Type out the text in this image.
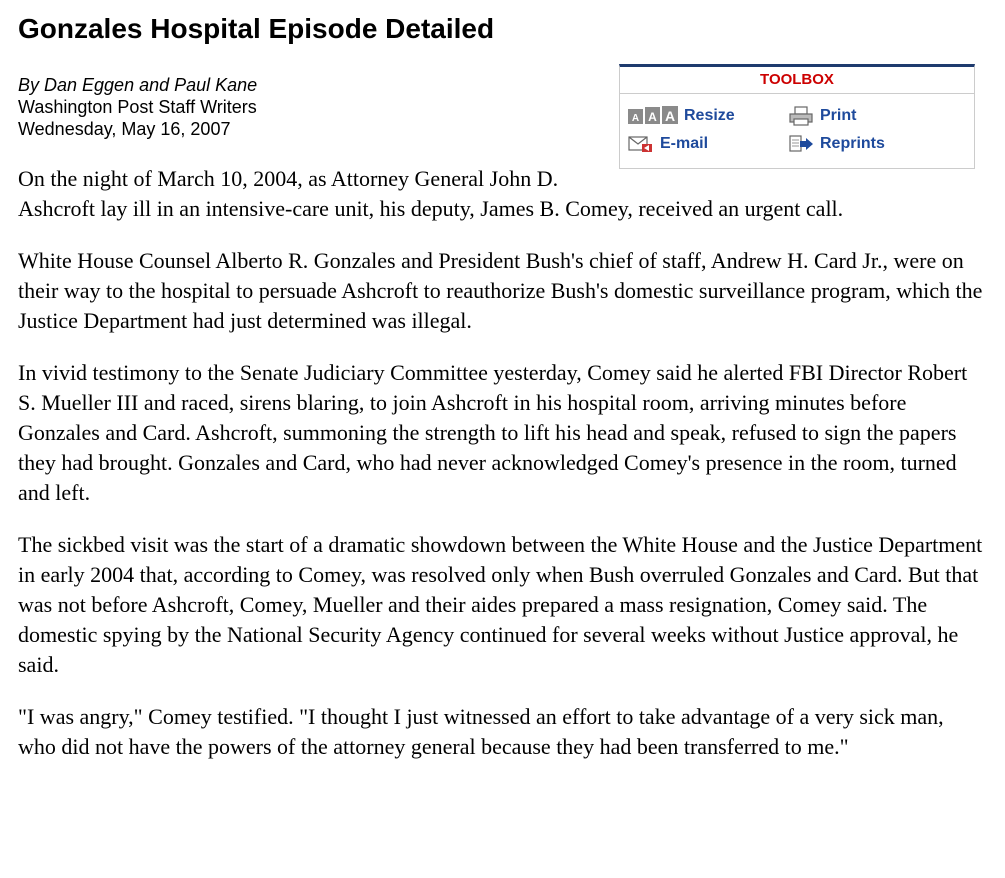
Gonzales Hospital Episode Detailed
TOOLBOX
A A A Resize	Print
E-mail	Reprints
By Dan Eggen and Paul Kane
Washington Post Staff Writers
Wednesday, May 16, 2007

On the night of March 10, 2004, as Attorney General John D. Ashcroft lay ill in an intensive-care unit, his deputy, James B. Comey, received an urgent call.

White House Counsel Alberto R. Gonzales and President Bush's chief of staff, Andrew H. Card Jr., were on their way to the hospital to persuade Ashcroft to reauthorize Bush's domestic surveillance program, which the Justice Department had just determined was illegal.

In vivid testimony to the Senate Judiciary Committee yesterday, Comey said he alerted FBI Director Robert S. Mueller III and raced, sirens blaring, to join Ashcroft in his hospital room, arriving minutes before Gonzales and Card. Ashcroft, summoning the strength to lift his head and speak, refused to sign the papers they had brought. Gonzales and Card, who had never acknowledged Comey's presence in the room, turned and left.

The sickbed visit was the start of a dramatic showdown between the White House and the Justice Department in early 2004 that, according to Comey, was resolved only when Bush overruled Gonzales and Card. But that was not before Ashcroft, Comey, Mueller and their aides prepared a mass resignation, Comey said. The domestic spying by the National Security Agency continued for several weeks without Justice approval, he said.

"I was angry," Comey testified. "I thought I just witnessed an effort to take advantage of a very sick man, who did not have the powers of the attorney general because they had been transferred to me."
